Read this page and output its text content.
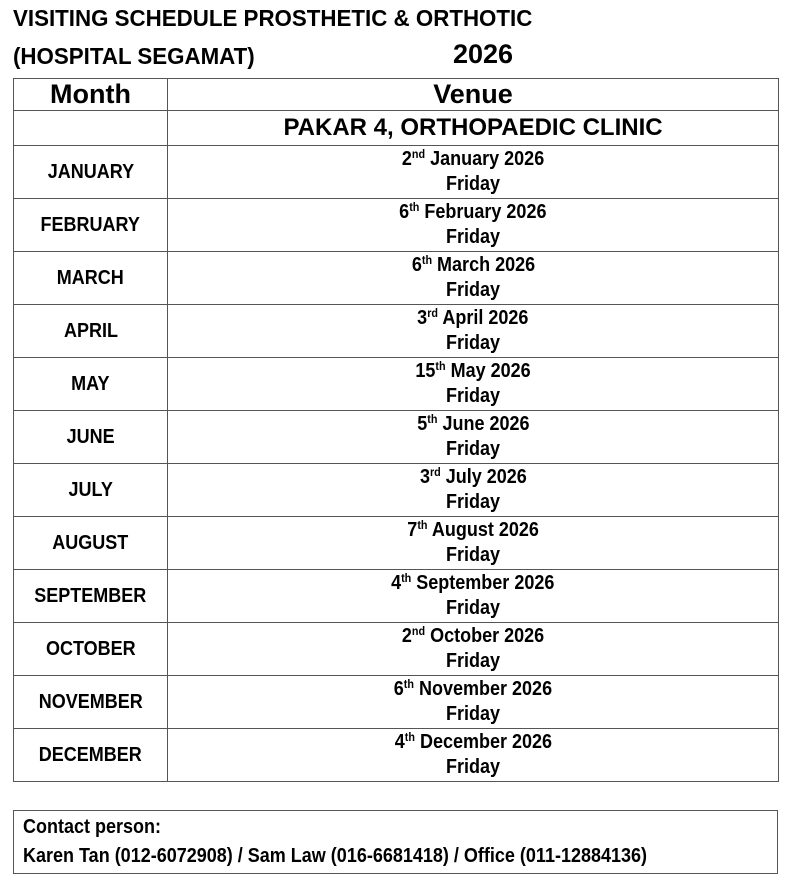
VISITING SCHEDULE PROSTHETIC & ORTHOTIC
(HOSPITAL SEGAMAT)	2026
Month	Venue
	PAKAR 4, ORTHOPAEDIC CLINIC
JANUARY	2nd January 2026
Friday

FEBRUARY	6th February 2026
Friday

MARCH	6th March 2026
Friday

APRIL	3rd April 2026
Friday

MAY	15th May 2026
Friday

JUNE	5th June 2026
Friday

JULY	3rd July 2026
Friday

AUGUST	7th August 2026
Friday

SEPTEMBER	4th September 2026
Friday

OCTOBER	2nd October 2026
Friday

NOVEMBER	6th November 2026
Friday

DECEMBER	4th December 2026
Friday
Contact person:
Karen Tan (012-6072908) / Sam Law (016-6681418) / Office (011-12884136)
